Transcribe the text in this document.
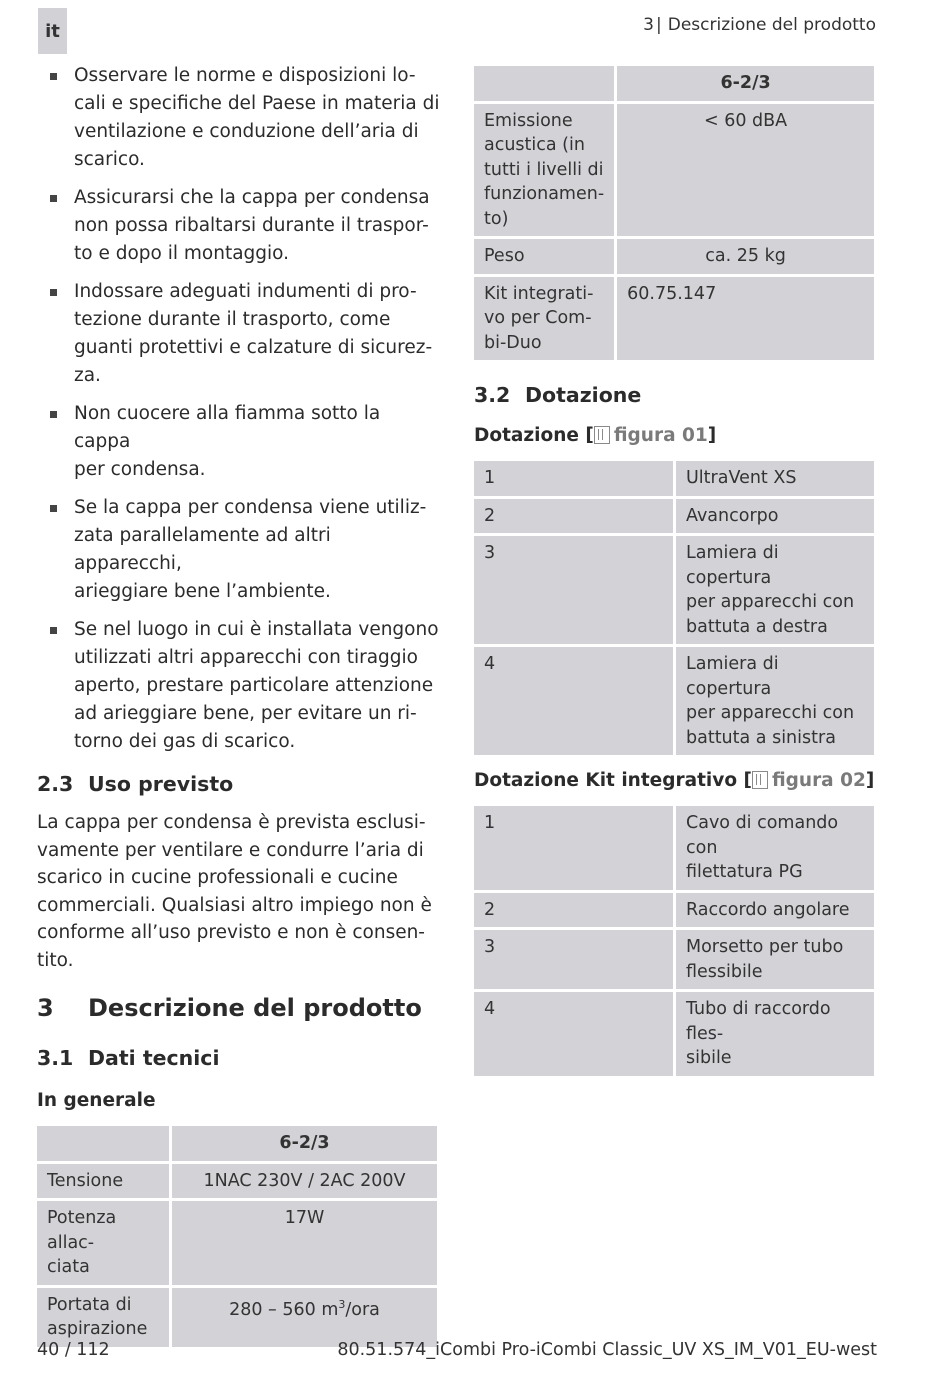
it	3 | Descrizione del prodotto
Osservare le norme e disposizioni lo-
cali e specifiche del Paese in materia di
ventilazione e conduzione dell’aria di
scarico.
Assicurarsi che la cappa per condensa
non possa ribaltarsi durante il traspor-
to e dopo il montaggio.
Indossare adeguati indumenti di pro-
tezione durante il trasporto, come
guanti protettivi e calzature di sicurez-
za.
Non cuocere alla fiamma sotto la cappa
per condensa.
Se la cappa per condensa viene utiliz-
zata parallelamente ad altri apparecchi,
arieggiare bene l’ambiente.
Se nel luogo in cui è installata vengono
utilizzati altri apparecchi con tiraggio
aperto, prestare particolare attenzione
ad arieggiare bene, per evitare un ri-
torno dei gas di scarico.
2.3 Uso previsto

La cappa per condensa è prevista esclusi-
vamente per ventilare e condurre l’aria di
scarico in cucine professionali e cucine
commerciali. Qualsiasi altro impiego non è
conforme all’uso previsto e non è consen-
tito.

3	Descrizione del prodotto
3.1 Dati tecnici
In generale
	6-2/3
Tensione	1NAC 230V / 2AC 200V
Potenza allac-
ciata	17W
Portata di
aspirazione	280 – 560 $m^3$/ora
	6-2/3
Emissione
acustica (in
tutti i livelli di
funzionamen-
to)	< 60 dBA
Peso	ca. 25 kg
Kit integrati-
vo per Com-
bi-Duo	60.75.147
3.2 Dotazione
Dotazione [ figura 01]
1	UltraVent XS
2	Avancorpo
3	Lamiera di copertura
per apparecchi con
battuta a destra
4	Lamiera di copertura
per apparecchi con
battuta a sinistra
Dotazione Kit integrativo [ figura 02]
1	Cavo di comando con
filettatura PG
2	Raccordo angolare
3	Morsetto per tubo
flessibile
4	Tubo di raccordo fles-
sibile
40 / 112	80.51.574_iCombi Pro-iCombi Classic_UV XS_IM_V01_EU-west
